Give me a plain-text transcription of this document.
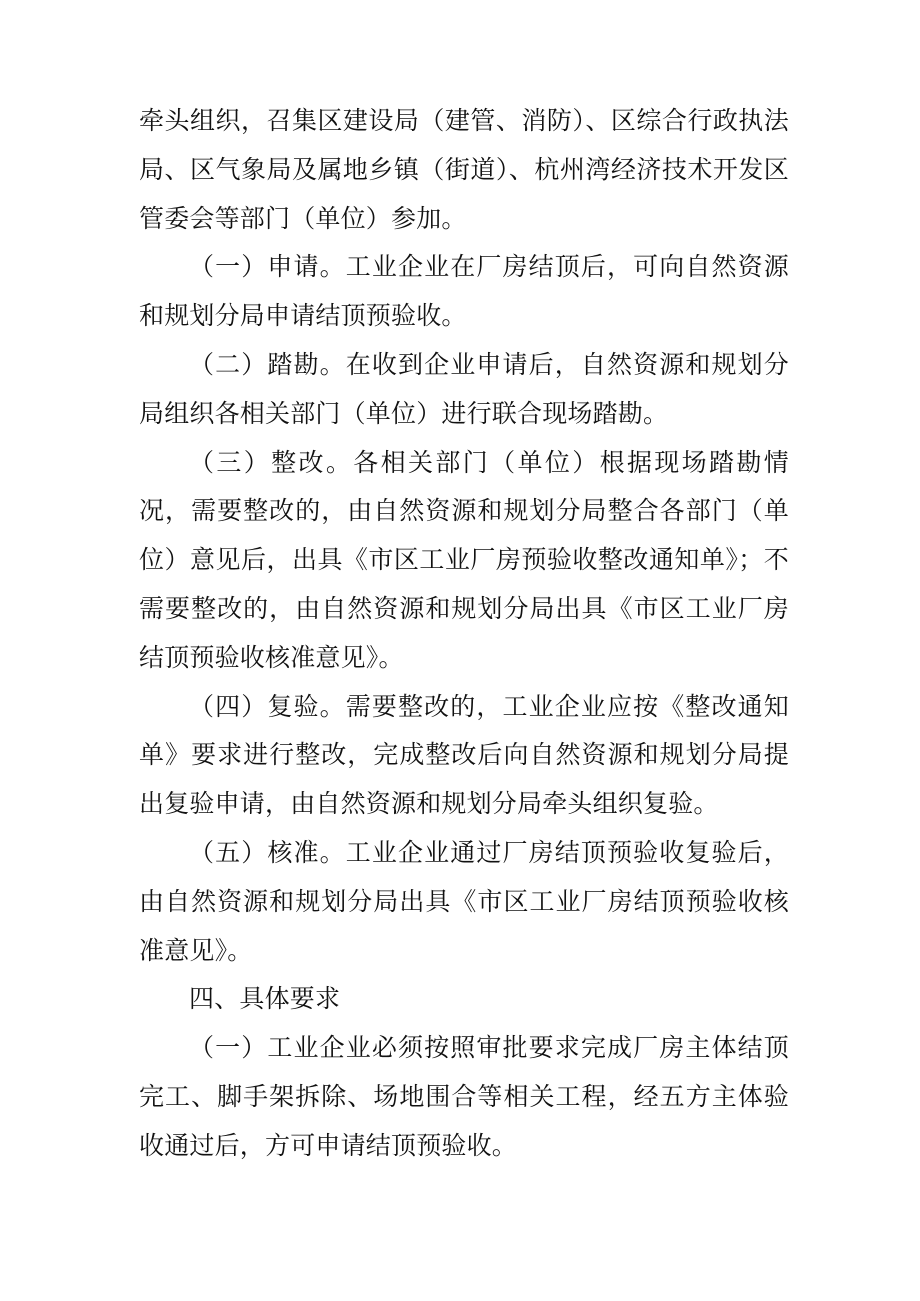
牵头组织，召集区建设局（建管、消防）、区综合行政执法局、区气象局及属地乡镇（街道）、杭州湾经济技术开发区管委会等部门（单位）参加。

（一）申请。工业企业在厂房结顶后，可向自然资源和规划分局申请结顶预验收。

（二）踏勘。在收到企业申请后，自然资源和规划分局组织各相关部门（单位）进行联合现场踏勘。

（三）整改。各相关部门（单位）根据现场踏勘情况，需要整改的，由自然资源和规划分局整合各部门（单位）意见后，出具《市区工业厂房预验收整改通知单》；不需要整改的，由自然资源和规划分局出具《市区工业厂房结顶预验收核准意见》。

（四）复验。需要整改的，工业企业应按《整改通知单》要求进行整改，完成整改后向自然资源和规划分局提出复验申请，由自然资源和规划分局牵头组织复验。

（五）核准。工业企业通过厂房结顶预验收复验后，由自然资源和规划分局出具《市区工业厂房结顶预验收核准意见》。

四、具体要求

（一）工业企业必须按照审批要求完成厂房主体结顶完工、脚手架拆除、场地围合等相关工程，经五方主体验收通过后，方可申请结顶预验收。
